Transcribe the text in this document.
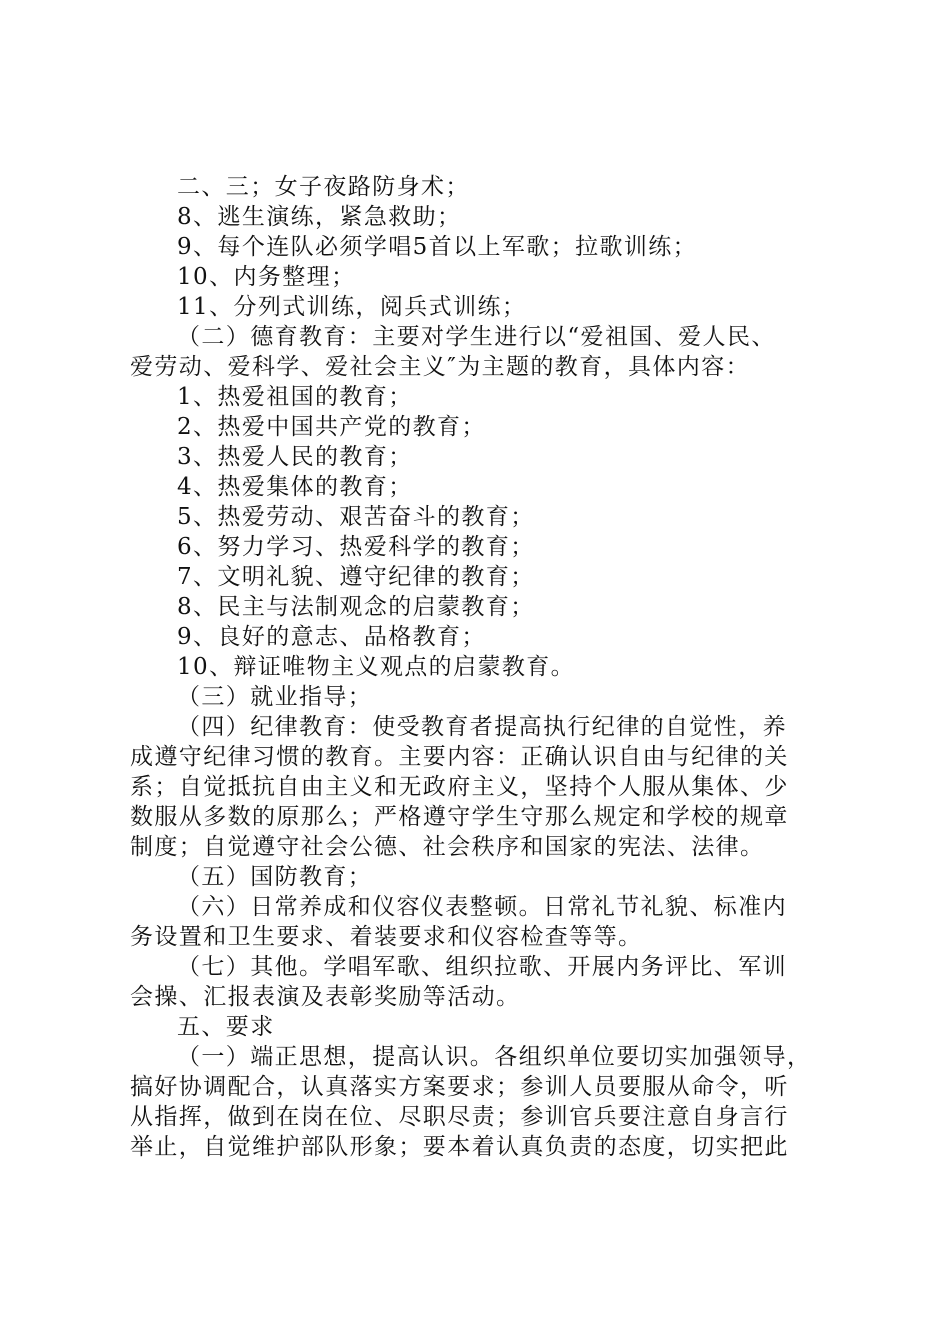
二、三；女子夜路防身术；
8、逃生演练，紧急救助；
9、每个连队必须学唱5首以上军歌；拉歌训练；
10、内务整理；
11、分列式训练，阅兵式训练；
（二）德育教育：主要对学生进行以“爱祖国、爱人民、
爱劳动、爱科学、爱社会主义″为主题的教育，具体内容：
1、热爱祖国的教育；
2、热爱中国共产党的教育；
3、热爱人民的教育；
4、热爱集体的教育；
5、热爱劳动、艰苦奋斗的教育；
6、努力学习、热爱科学的教育；
7、文明礼貌、遵守纪律的教育；
8、民主与法制观念的启蒙教育；
9、良好的意志、品格教育；
10、辩证唯物主义观点的启蒙教育。
（三）就业指导；
（四）纪律教育：使受教育者提高执行纪律的自觉性，养
成遵守纪律习惯的教育。主要内容：正确认识自由与纪律的关
系；自觉抵抗自由主义和无政府主义，坚持个人服从集体、少
数服从多数的原那么；严格遵守学生守那么规定和学校的规章
制度；自觉遵守社会公德、社会秩序和国家的宪法、法律。
（五）国防教育；
（六）日常养成和仪容仪表整顿。日常礼节礼貌、标准内
务设置和卫生要求、着装要求和仪容检查等等。
（七）其他。学唱军歌、组织拉歌、开展内务评比、军训
会操、汇报表演及表彰奖励等活动。
五、要求
（一）端正思想，提高认识。各组织单位要切实加强领导，
搞好协调配合，认真落实方案要求；参训人员要服从命令，听
从指挥，做到在岗在位、尽职尽责；参训官兵要注意自身言行
举止，自觉维护部队形象；要本着认真负责的态度，切实把此
